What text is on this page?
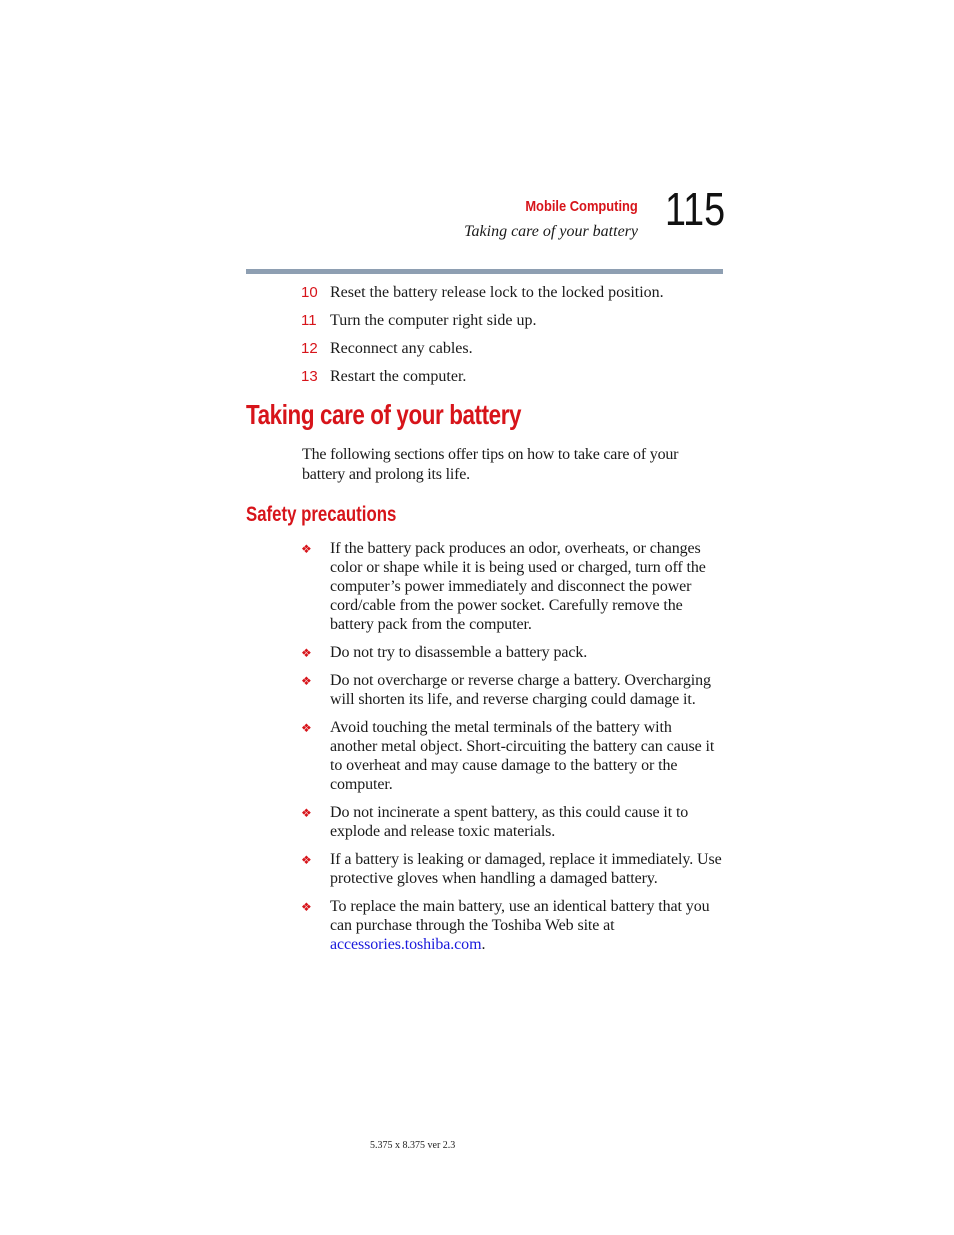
Mobile Computing
Taking care of your battery 115
10 Reset the battery release lock to the locked position.
11 Turn the computer right side up.
12 Reconnect any cables.
13 Restart the computer.
Taking care of your battery
The following sections offer tips on how to take care of your battery and prolong its life.
Safety precautions
❖	If the battery pack produces an odor, overheats, or changes color or shape while it is being used or charged, turn off the computer’s power immediately and disconnect the power cord/cable from the power socket. Carefully remove the battery pack from the computer.
❖	Do not try to disassemble a battery pack.
❖	Do not overcharge or reverse charge a battery. Overcharging will shorten its life, and reverse charging could damage it.
❖	Avoid touching the metal terminals of the battery with another metal object. Short-circuiting the battery can cause it to overheat and may cause damage to the battery or the computer.
❖	Do not incinerate a spent battery, as this could cause it to explode and release toxic materials.
❖	If a battery is leaking or damaged, replace it immediately. Use protective gloves when handling a damaged battery.
❖	To replace the main battery, use an identical battery that you can purchase through the Toshiba Web site at
accessories.toshiba.com.
5.375 x 8.375 ver 2.3
